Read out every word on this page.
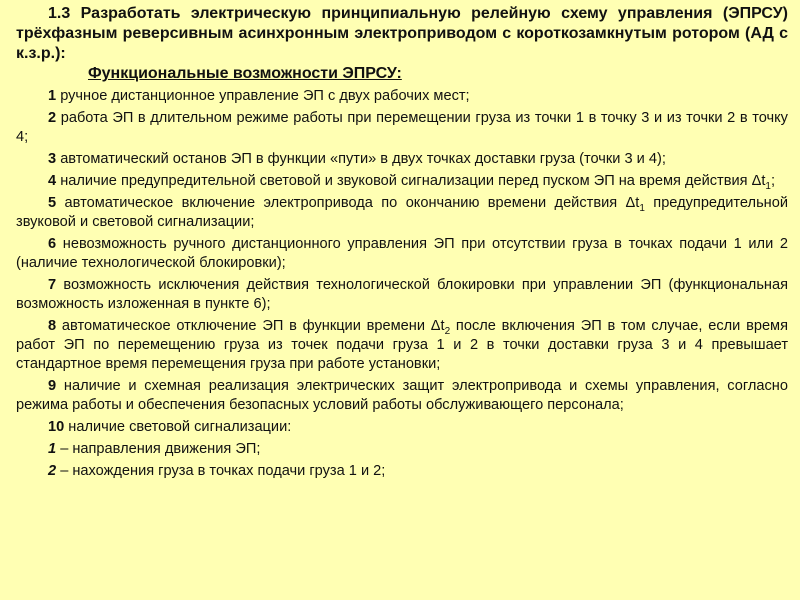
1.3 Разработать электрическую принципиальную релейную схему управления (ЭПРСУ) трёхфазным реверсивным асинхронным электроприводом с короткозамкнутым ротором (АД с к.з.р.):

Функциональные возможности ЭПРСУ:

1 ручное дистанционное управление ЭП с двух рабочих мест;

2 работа ЭП в длительном режиме работы при перемещении груза из точки 1 в точку 3 и из точки 2 в точку 4;

3 автоматический останов ЭП в функции «пути» в двух точках доставки груза (точки 3 и 4);

4 наличие предупредительной световой и звуковой сигнализации перед пуском ЭП на время действия $\Delta t_1$;

5 автоматическое включение электропривода по окончанию времени действия $\Delta t_1$ предупредительной звуковой и световой сигнализации;

6 невозможность ручного дистанционного управления ЭП при отсутствии груза в точках подачи 1 или 2 (наличие технологической блокировки);

7 возможность исключения действия технологической блокировки при управлении ЭП (функциональная возможность изложенная в пункте 6);

8 автоматическое отключение ЭП в функции времени $\Delta t_2$ после включения ЭП в том случае, если время работ ЭП по перемещению груза из точек подачи груза 1 и 2 в точки доставки груза 3 и 4 превышает стандартное время перемещения груза при работе установки;

9 наличие и схемная реализация электрических защит электропривода и схемы управления, согласно режима работы и обеспечения безопасных условий работы обслуживающего персонала;

10 наличие световой сигнализации:

1 – направления движения ЭП;

2 – нахождения груза в точках подачи груза 1 и 2;
